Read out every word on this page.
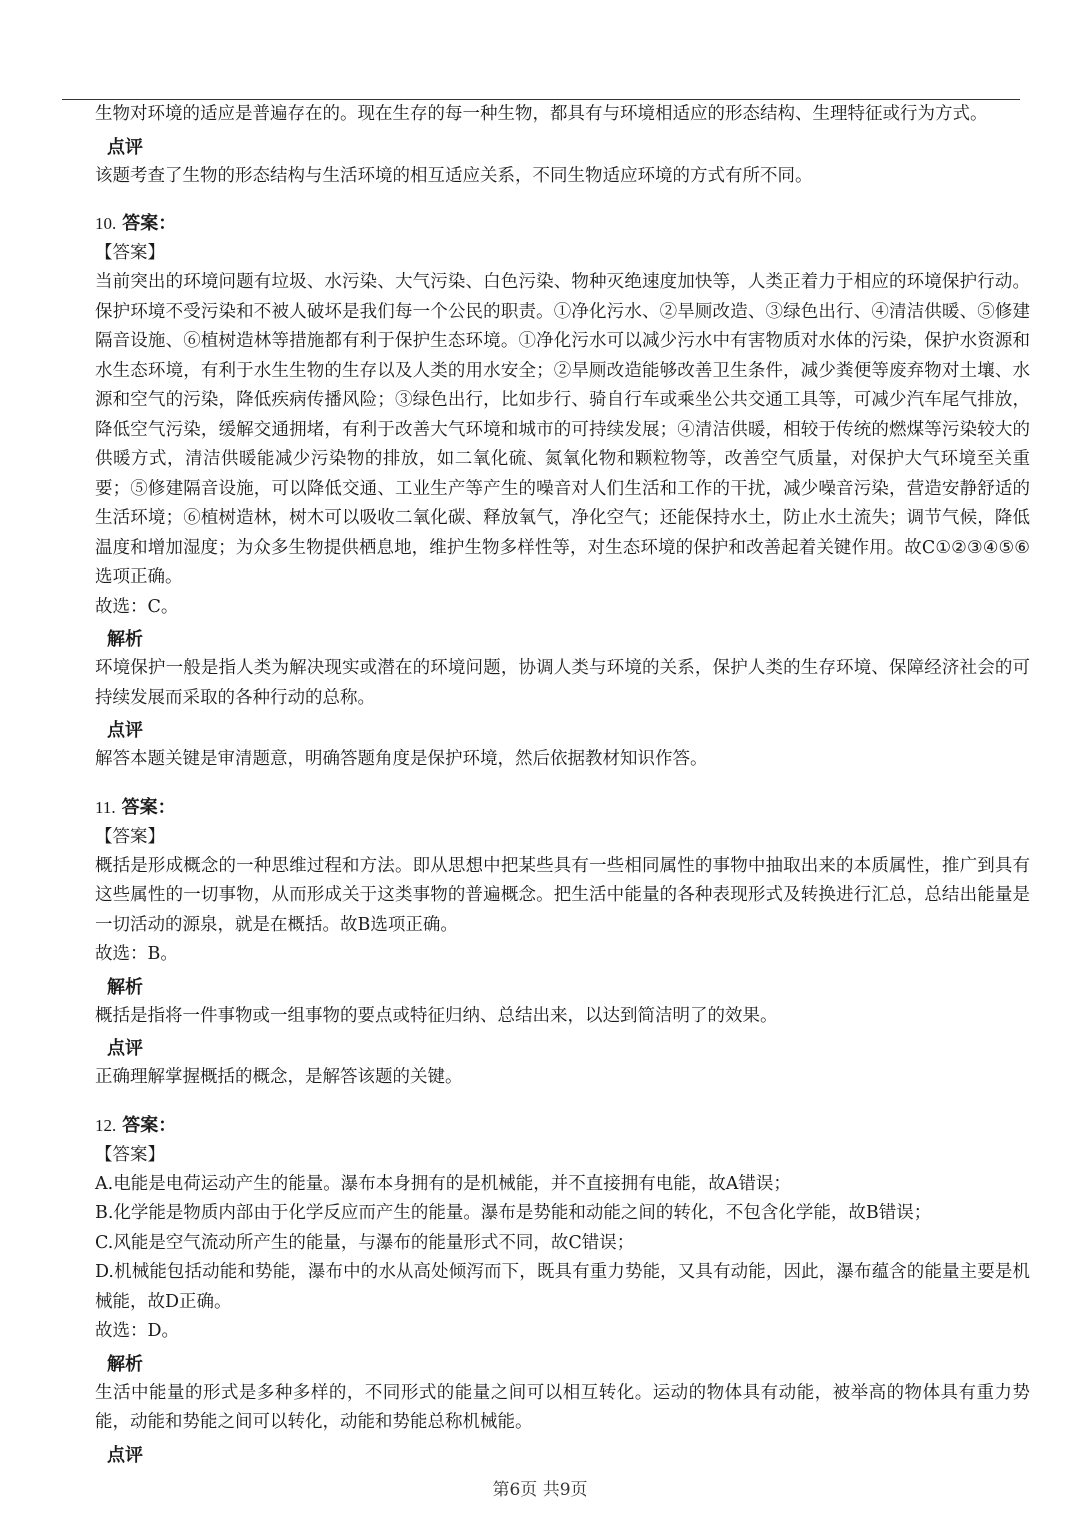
生物对环境的适应是普遍存在的。现在生存的每一种生物，都具有与环境相适应的形态结构、生理特征或行为方式。

点评

该题考查了生物的形态结构与生活环境的相互适应关系，不同生物适应环境的方式有所不同。

10. 答案：

【答案】

当前突出的环境问题有垃圾、水污染、大气污染、白色污染、物种灭绝速度加快等，人类正着力于相应的环境保护行动。保护环境不受污染和不被人破坏是我们每一个公民的职责。①净化污水、②旱厕改造、③绿色出行、④清洁供暖、⑤修建隔音设施、⑥植树造林等措施都有利于保护生态环境。①净化污水可以减少污水中有害物质对水体的污染，保护水资源和水生态环境，有利于水生生物的生存以及人类的用水安全；②旱厕改造能够改善卫生条件，减少粪便等废弃物对土壤、水源和空气的污染，降低疾病传播风险；③绿色出行，比如步行、骑自行车或乘坐公共交通工具等，可减少汽车尾气排放，降低空气污染，缓解交通拥堵，有利于改善大气环境和城市的可持续发展；④清洁供暖，相较于传统的燃煤等污染较大的供暖方式，清洁供暖能减少污染物的排放，如二氧化硫、氮氧化物和颗粒物等，改善空气质量，对保护大气环境至关重要；⑤修建隔音设施，可以降低交通、工业生产等产生的噪音对人们生活和工作的干扰，减少噪音污染，营造安静舒适的生活环境；⑥植树造林，树木可以吸收二氧化碳、释放氧气，净化空气；还能保持水土，防止水土流失；调节气候，降低温度和增加湿度；为众多生物提供栖息地，维护生物多样性等，对生态环境的保护和改善起着关键作用。故C①②③④⑤⑥选项正确。

故选：C。

解析

环境保护一般是指人类为解决现实或潜在的环境问题，协调人类与环境的关系，保护人类的生存环境、保障经济社会的可持续发展而采取的各种行动的总称。

点评

解答本题关键是审清题意，明确答题角度是保护环境，然后依据教材知识作答。

11. 答案：

【答案】

概括是形成概念的一种思维过程和方法。即从思想中把某些具有一些相同属性的事物中抽取出来的本质属性，推广到具有这些属性的一切事物，从而形成关于这类事物的普遍概念。把生活中能量的各种表现形式及转换进行汇总，总结出能量是一切活动的源泉，就是在概括。故B选项正确。

故选：B。

解析

概括是指将一件事物或一组事物的要点或特征归纳、总结出来，以达到简洁明了的效果。

点评

正确理解掌握概括的概念，是解答该题的关键。

12. 答案：

【答案】

A.电能是电荷运动产生的能量。瀑布本身拥有的是机械能，并不直接拥有电能，故A错误；

B.化学能是物质内部由于化学反应而产生的能量。瀑布是势能和动能之间的转化，不包含化学能，故B错误；

C.风能是空气流动所产生的能量，与瀑布的能量形式不同，故C错误；

D.机械能包括动能和势能，瀑布中的水从高处倾泻而下，既具有重力势能，又具有动能，因此，瀑布蕴含的能量主要是机械能，故D正确。

故选：D。

解析

生活中能量的形式是多种多样的，不同形式的能量之间可以相互转化。运动的物体具有动能，被举高的物体具有重力势能，动能和势能之间可以转化，动能和势能总称机械能。

点评

第6页 共9页
